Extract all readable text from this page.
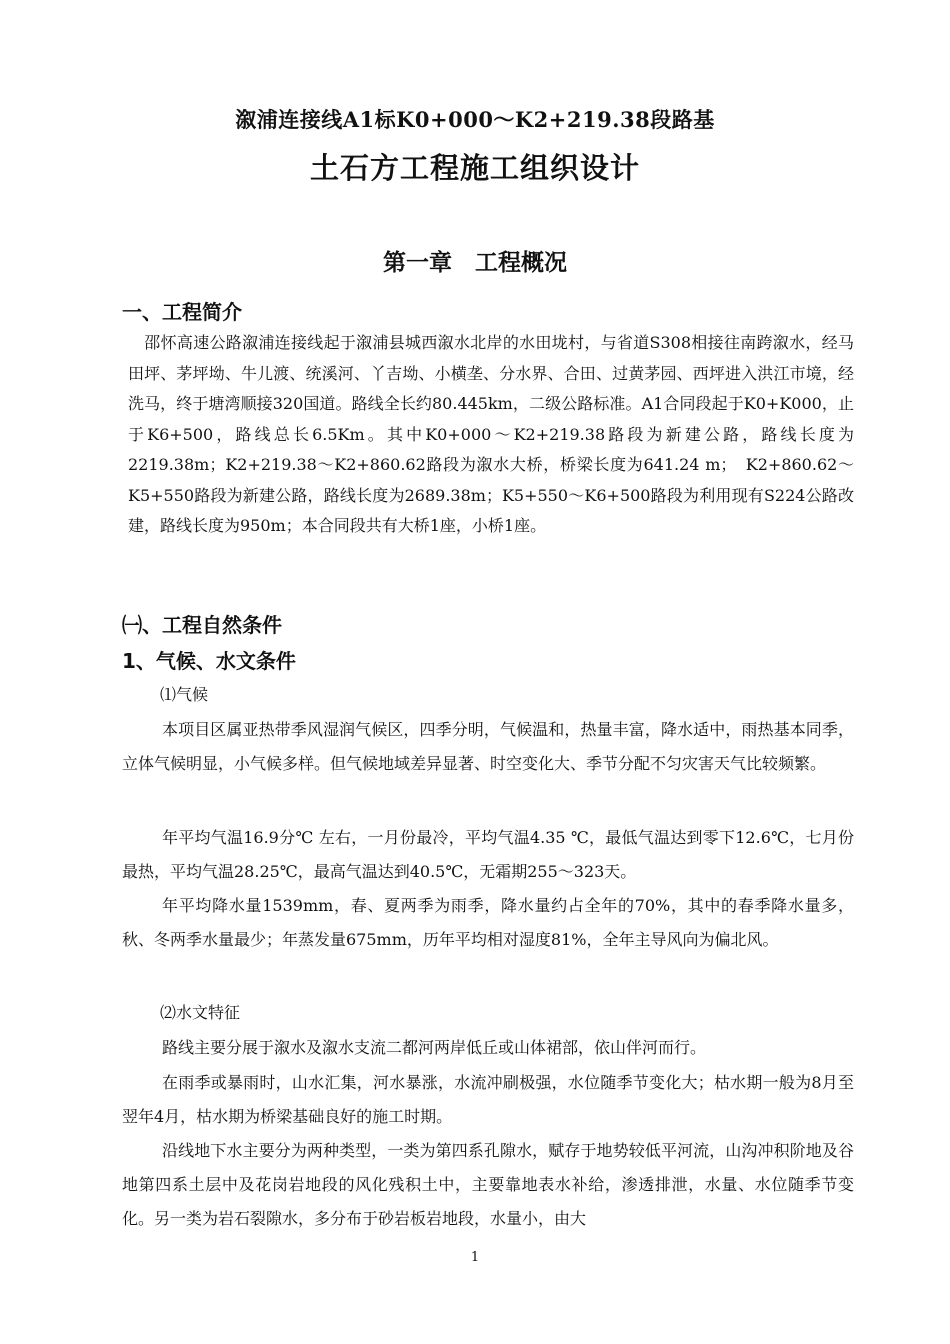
溆浦连接线A1标K0+000～K2+219.38段路基
土石方工程施工组织设计
第一章　工程概况
一、工程简介
　邵怀高速公路溆浦连接线起于溆浦县城西溆水北岸的水田垅村，与省道S308相接往南跨溆水，经马田坪、茅坪坳、牛儿渡、统溪河、丫吉坳、小横垄、分水界、合田、过黄茅园、西坪进入洪江市境，经洗马，终于塘湾顺接320国道。路线全长约80.445km，二级公路标准。A1合同段起于K0+K000，止于K6+500，路线总长6.5Km。其中K0+000～K2+219.38路段为新建公路，路线长度为2219.38m；K2+219.38～K2+860.62路段为溆水大桥，桥梁长度为641.24 m；　K2+860.62～K5+550路段为新建公路，路线长度为2689.38m；K5+550～K6+500路段为利用现有S224公路改建，路线长度为950m；本合同段共有大桥1座，小桥1座。
㈠、工程自然条件
1、气候、水文条件
⑴气候
本项目区属亚热带季风湿润气候区，四季分明，气候温和，热量丰富，降水适中，雨热基本同季，立体气候明显，小气候多样。但气候地域差异显著、时空变化大、季节分配不匀灾害天气比较频繁。
年平均气温16.9分℃ 左右，一月份最冷，平均气温4.35 ℃，最低气温达到零下12.6℃，七月份最热，平均气温28.25℃，最高气温达到40.5℃，无霜期255～323天。
年平均降水量1539mm，春、夏两季为雨季，降水量约占全年的70%，其中的春季降水量多，秋、冬两季水量最少；年蒸发量675mm，历年平均相对湿度81%，全年主导风向为偏北风。
⑵水文特征
路线主要分展于溆水及溆水支流二都河两岸低丘或山体裙部，依山伴河而行。
在雨季或暴雨时，山水汇集，河水暴涨，水流冲刷极强，水位随季节变化大；枯水期一般为8月至翌年4月，枯水期为桥梁基础良好的施工时期。
沿线地下水主要分为两种类型，一类为第四系孔隙水，赋存于地势较低平河流，山沟冲积阶地及谷地第四系土层中及花岗岩地段的风化残积土中，主要靠地表水补给，渗透排泄，水量、水位随季节变化。另一类为岩石裂隙水，多分布于砂岩板岩地段，水量小，由大
1
